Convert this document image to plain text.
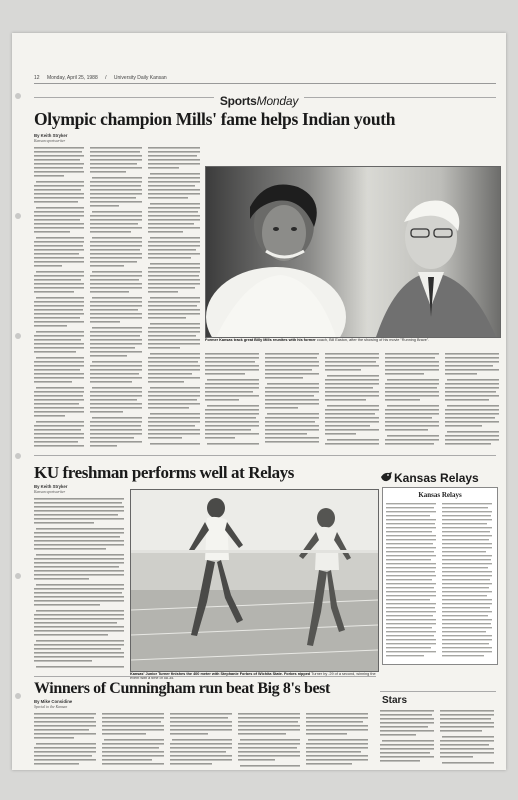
12 Monday, April 25, 1988 / University Daily Kansan
SportsMonday
Olympic champion Mills' fame helps Indian youth
By Keith Stryker
Kansan sportswriter
Former Kansas track great Billy Mills reunites with his former coach, Bill Easton, after the showing of his movie "Running Brave".
KU freshman performs well at Relays
By Keith Stryker
Kansan sportswriter
Kansas' Junior Turner finishes the 400 meter with Stephanie Forbes of Wichita State. Forbes nipped Turner by .29 of a second, winning the event with a time of 58.35.
Kansas Relays
Kansas Relays
Winners of Cunningham run beat Big 8's best
By Mike Considine
Special to the Kansan
Stars
